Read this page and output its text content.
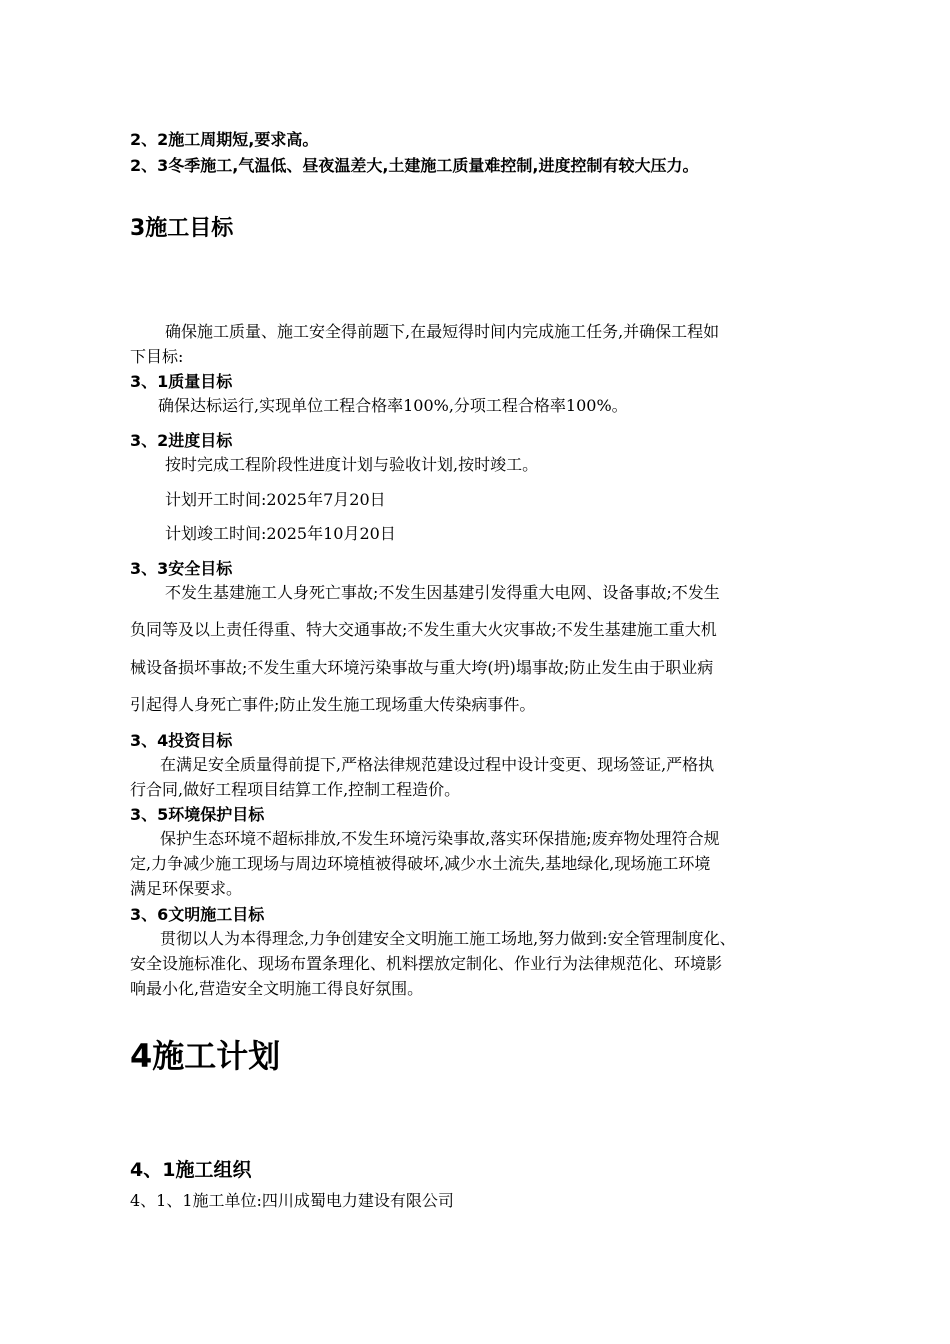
2、2施工周期短,要求高。
2、3冬季施工,气温低、昼夜温差大,土建施工质量难控制,进度控制有较大压力。
3施工目标
确保施工质量、施工安全得前题下,在最短得时间内完成施工任务,并确保工程如
下目标:
3、1质量目标
确保达标运行,实现单位工程合格率100%,分项工程合格率100%。
3、2进度目标
按时完成工程阶段性进度计划与验收计划,按时竣工。
计划开工时间:2025年7月20日
计划竣工时间:2025年10月20日
3、3安全目标
不发生基建施工人身死亡事故;不发生因基建引发得重大电网、设备事故;不发生
负同等及以上责任得重、特大交通事故;不发生重大火灾事故;不发生基建施工重大机
械设备损坏事故;不发生重大环境污染事故与重大垮(坍)塌事故;防止发生由于职业病
引起得人身死亡事件;防止发生施工现场重大传染病事件。
3、4投资目标
在满足安全质量得前提下,严格法律规范建设过程中设计变更、现场签证,严格执
行合同,做好工程项目结算工作,控制工程造价。
3、5环境保护目标
保护生态环境不超标排放,不发生环境污染事故,落实环保措施;废弃物处理符合规
定,力争减少施工现场与周边环境植被得破坏,减少水土流失,基地绿化,现场施工环境
满足环保要求。
3、6文明施工目标
贯彻以人为本得理念,力争创建安全文明施工施工场地,努力做到:安全管理制度化、
安全设施标准化、现场布置条理化、机料摆放定制化、作业行为法律规范化、环境影
响最小化,营造安全文明施工得良好氛围。
4施工计划
4、1施工组织
4、1、1施工单位:四川成蜀电力建设有限公司
